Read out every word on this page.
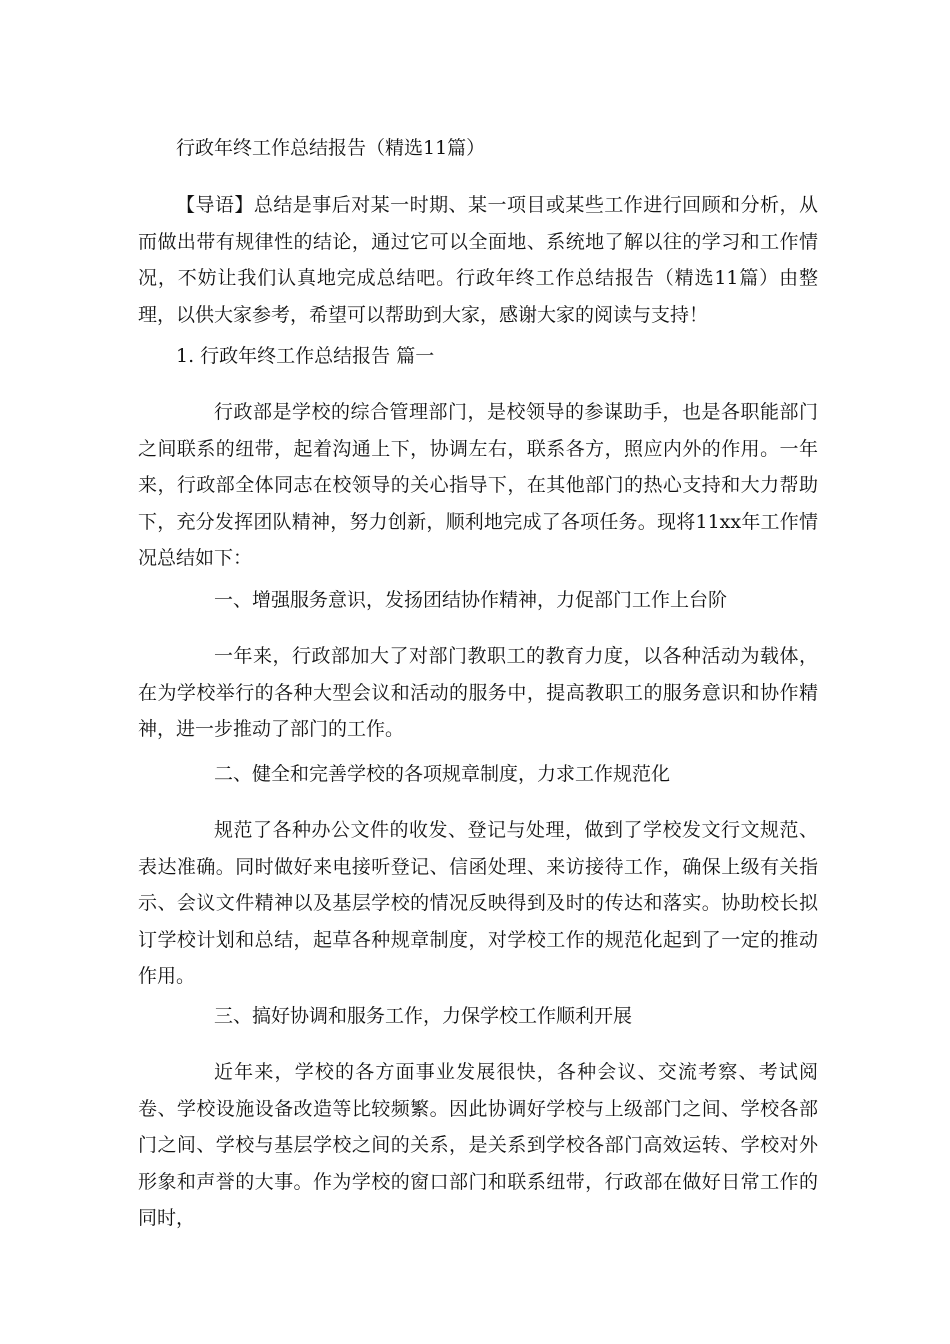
行政年终工作总结报告（精选11篇）

【导语】总结是事后对某一时期、某一项目或某些工作进行回顾和分析，从而做出带有规律性的结论，通过它可以全面地、系统地了解以往的学习和工作情况，不妨让我们认真地完成总结吧。行政年终工作总结报告（精选11篇）由整理，以供大家参考，希望可以帮助到大家，感谢大家的阅读与支持！

1. 行政年终工作总结报告 篇一

行政部是学校的综合管理部门，是校领导的参谋助手，也是各职能部门之间联系的纽带，起着沟通上下，协调左右，联系各方，照应内外的作用。一年来，行政部全体同志在校领导的关心指导下，在其他部门的热心支持和大力帮助下，充分发挥团队精神，努力创新，顺利地完成了各项任务。现将11xx年工作情况总结如下：

一、增强服务意识，发扬团结协作精神，力促部门工作上台阶

一年来，行政部加大了对部门教职工的教育力度，以各种活动为载体，在为学校举行的各种大型会议和活动的服务中，提高教职工的服务意识和协作精神，进一步推动了部门的工作。

二、健全和完善学校的各项规章制度，力求工作规范化

规范了各种办公文件的收发、登记与处理，做到了学校发文行文规范、表达准确。同时做好来电接听登记、信函处理、来访接待工作，确保上级有关指示、会议文件精神以及基层学校的情况反映得到及时的传达和落实。协助校长拟订学校计划和总结，起草各种规章制度，对学校工作的规范化起到了一定的推动作用。

三、搞好协调和服务工作，力保学校工作顺利开展

近年来，学校的各方面事业发展很快，各种会议、交流考察、考试阅卷、学校设施设备改造等比较频繁。因此协调好学校与上级部门之间、学校各部门之间、学校与基层学校之间的关系，是关系到学校各部门高效运转、学校对外形象和声誉的大事。作为学校的窗口部门和联系纽带，行政部在做好日常工作的同时，
